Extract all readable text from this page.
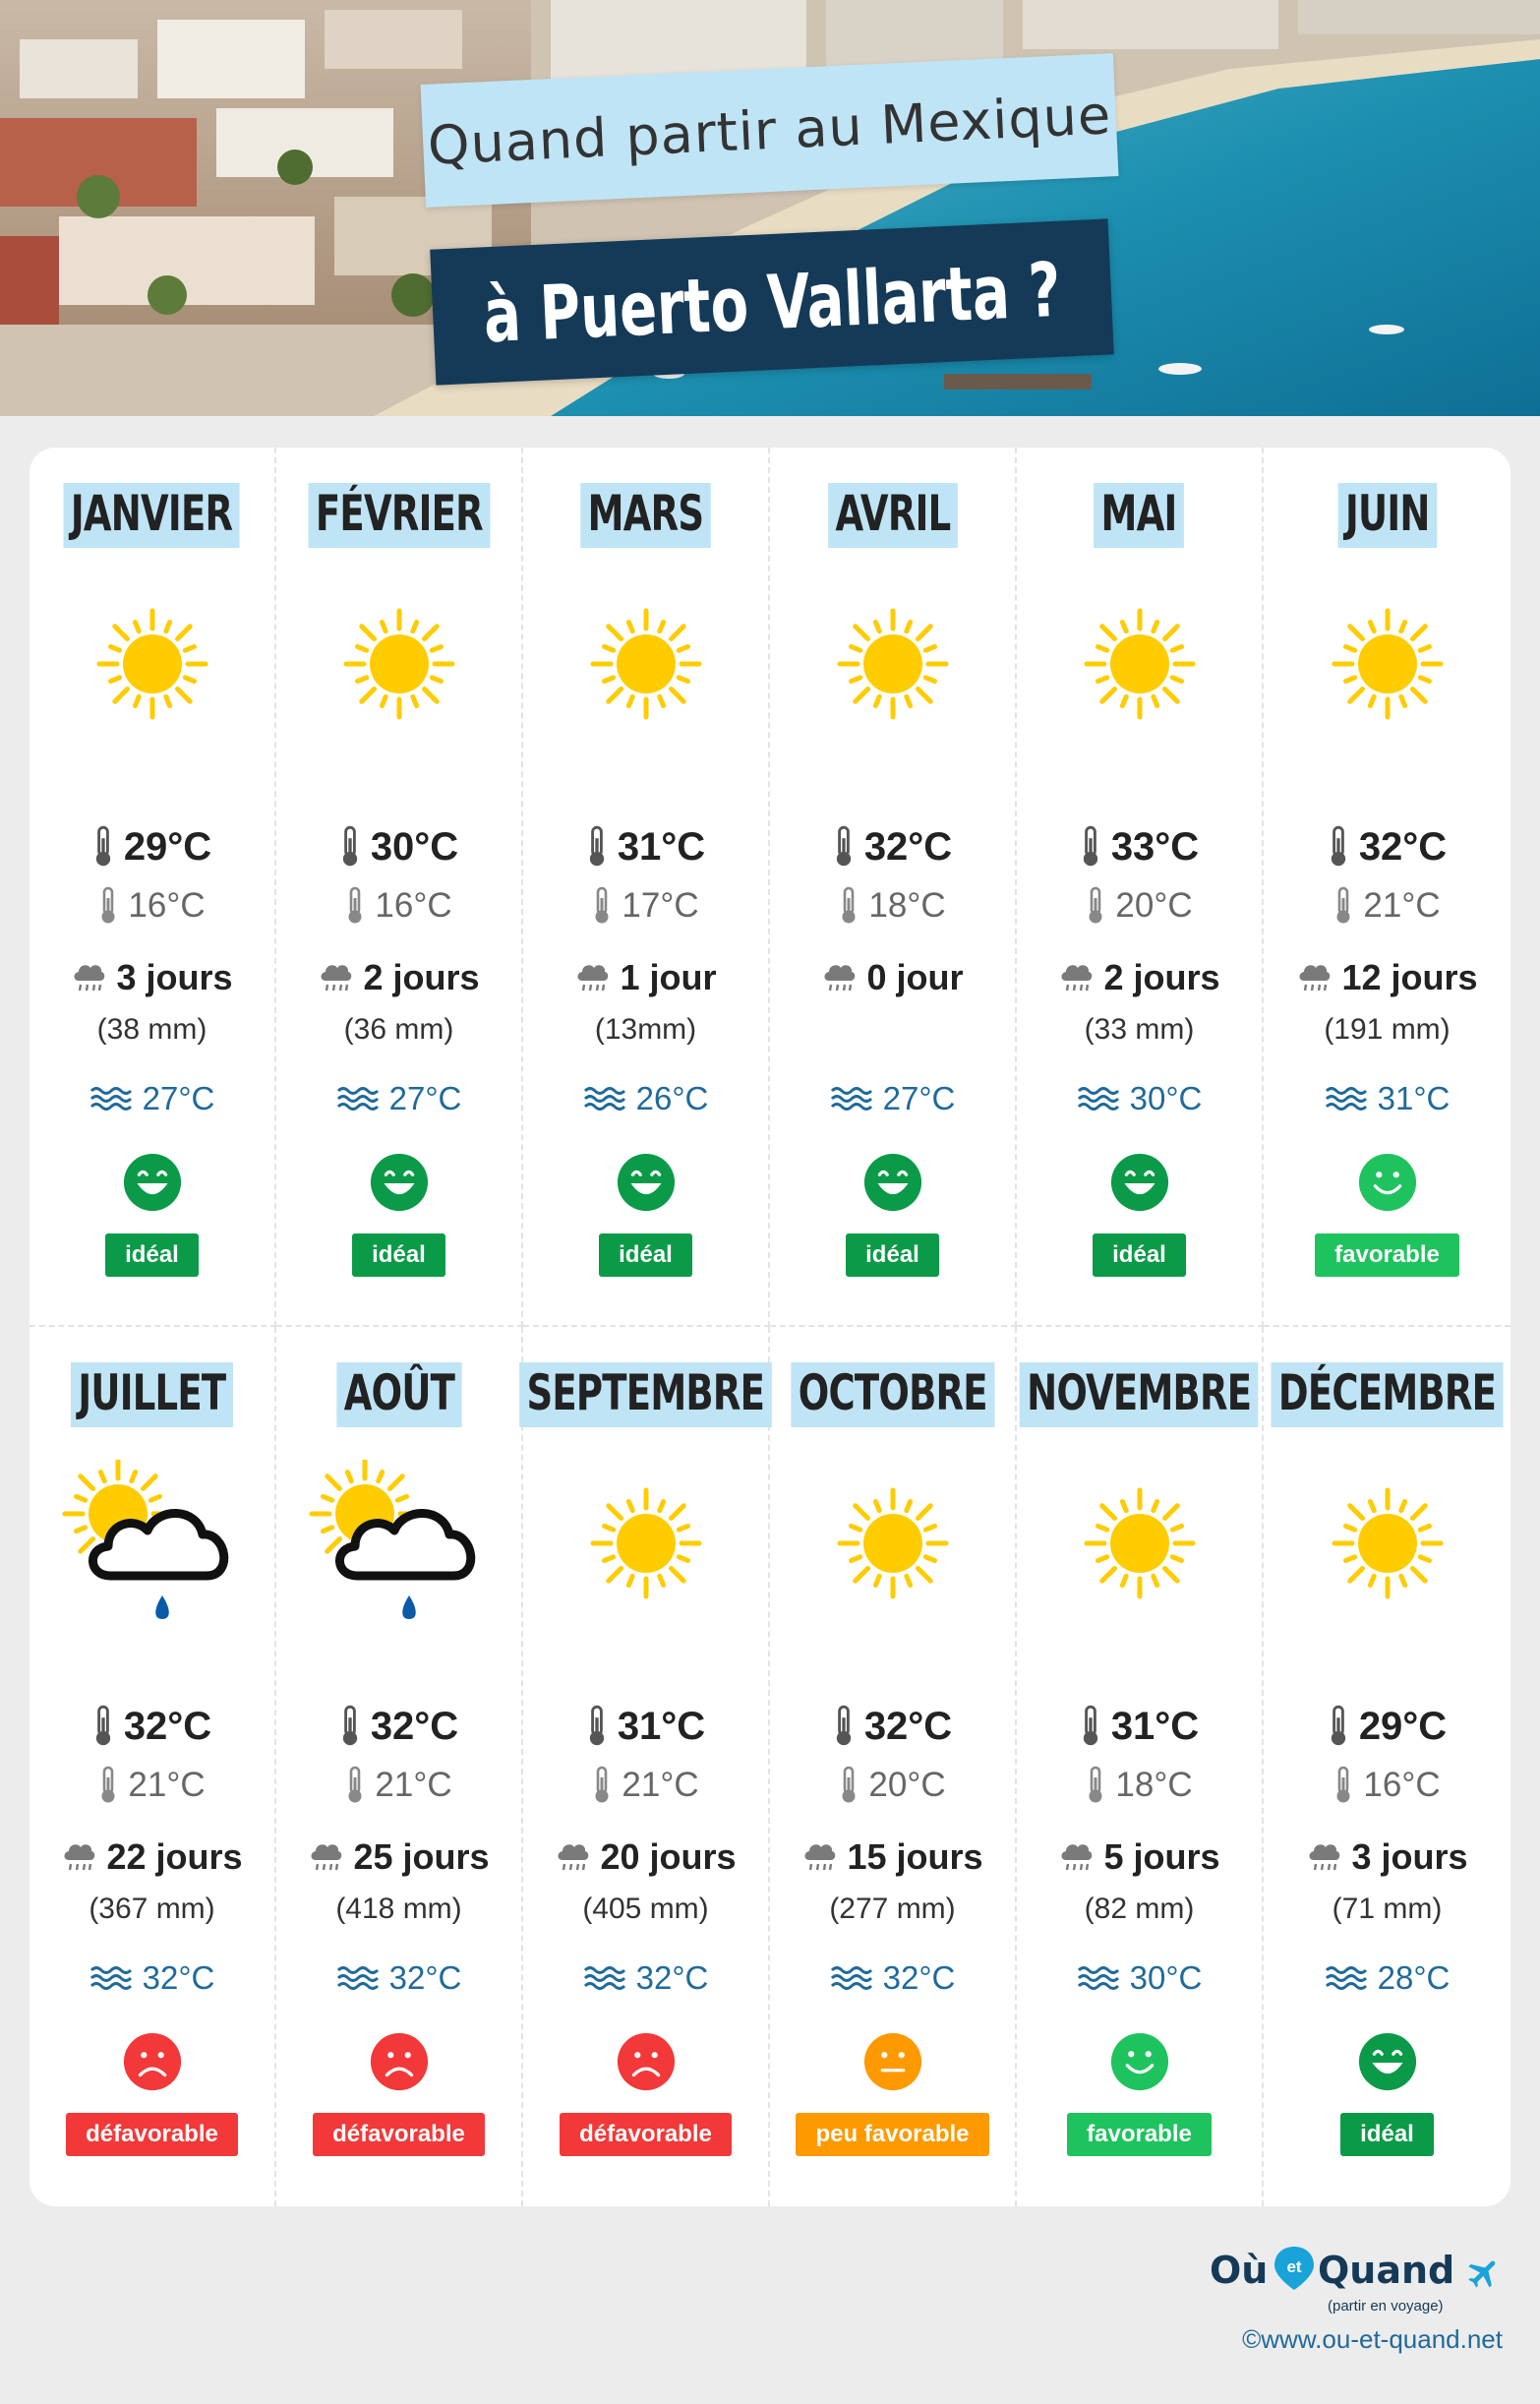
Quand partir au Mexique
à Puerto Vallarta ?
JANVIER
29°C
16°C
3 jours
(38 mm)
27°C
idéal
FÉVRIER
30°C
16°C
2 jours
(36 mm)
27°C
idéal
MARS
31°C
17°C
1 jour
(13mm)
26°C
idéal
AVRIL
32°C
18°C
0 jour
27°C
idéal
MAI
33°C
20°C
2 jours
(33 mm)
30°C
idéal
JUIN
32°C
21°C
12 jours
(191 mm)
31°C
favorable
JUILLET
32°C
21°C
22 jours
(367 mm)
32°C
défavorable
AOÛT
32°C
21°C
25 jours
(418 mm)
32°C
défavorable
SEPTEMBRE
31°C
21°C
20 jours
(405 mm)
32°C
défavorable
OCTOBRE
32°C
20°C
15 jours
(277 mm)
32°C
peu favorable
NOVEMBRE
31°C
18°C
5 jours
(82 mm)
30°C
favorable
DÉCEMBRE
29°C
16°C
3 jours
(71 mm)
28°C
idéal
Où et Quand
(partir en voyage)
©www.ou-et-quand.net
